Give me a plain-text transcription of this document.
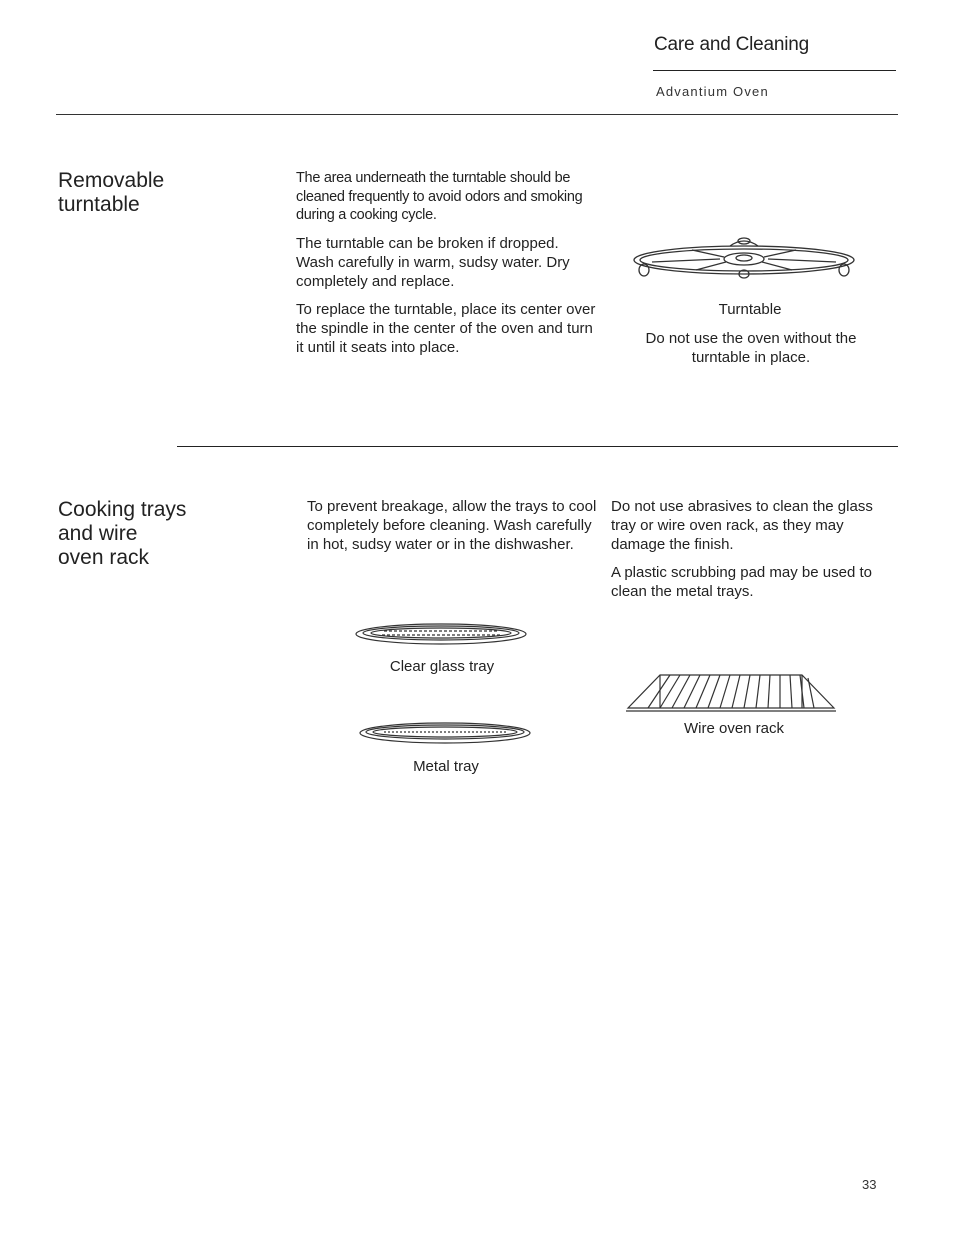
Care and Cleaning
Advantium Oven
Removable
turntable

The area underneath the turntable should be cleaned frequently to avoid odors and smoking during a cooking cycle.

The turntable can be broken if dropped. Wash carefully in warm, sudsy water. Dry completely and replace.

To replace the turntable, place its center over the spindle in the center of the oven and turn it until it seats into place.

Turntable
Do not use the oven without the turntable in place.
Cooking trays
and wire
oven rack

To prevent breakage, allow the trays to cool completely before cleaning. Wash carefully in hot, sudsy water or in the dishwasher.

Do not use abrasives to clean the glass tray or wire oven rack, as they may damage the finish.

A plastic scrubbing pad may be used to clean the metal trays.

Clear glass tray
Metal tray
Wire oven rack
33
